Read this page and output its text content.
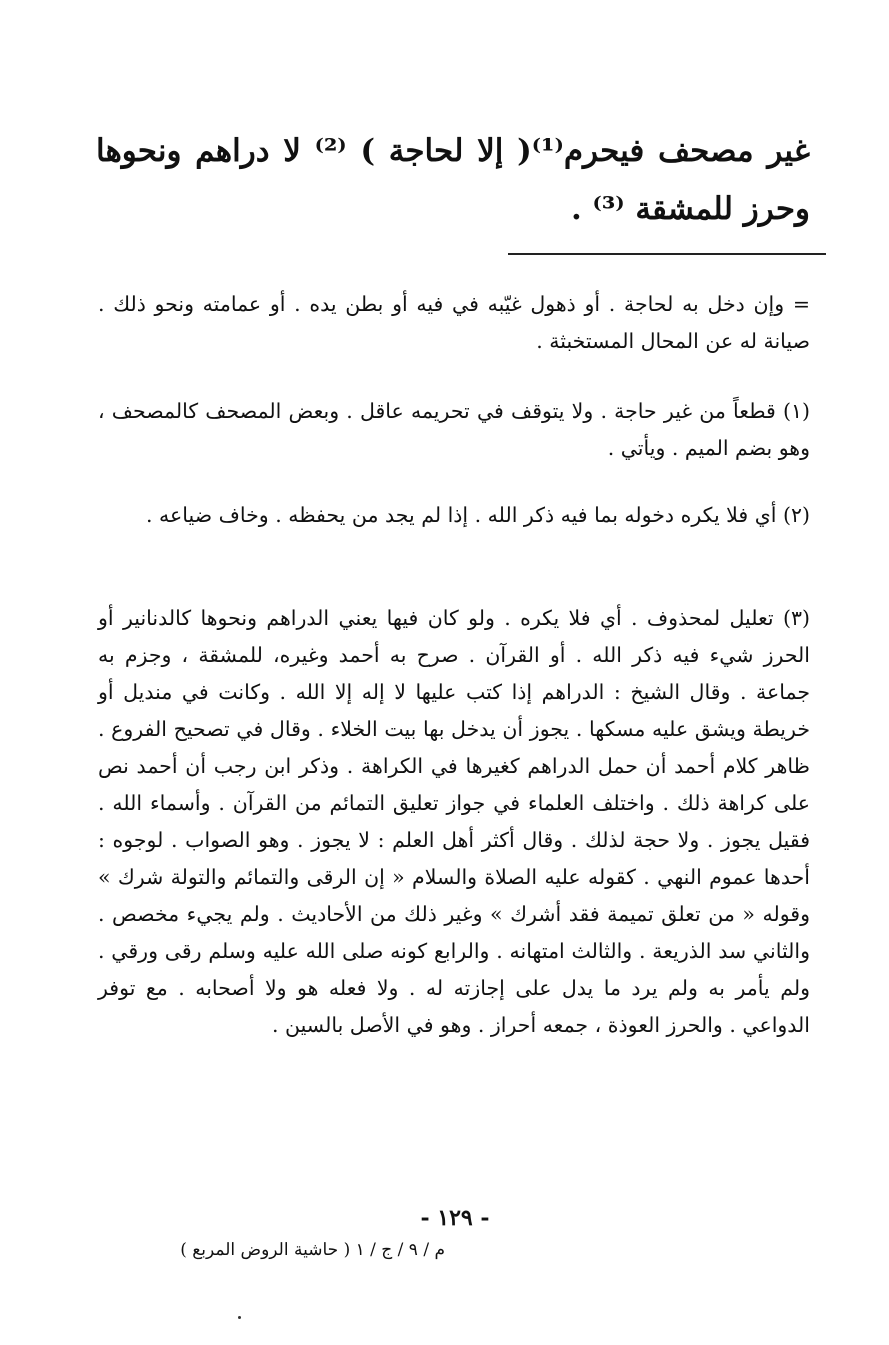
غير مصحف فيحرم⁽¹⁾( إلا لحاجة ) ⁽²⁾ لا دراهم ونحوها وحرز للمشقة ⁽³⁾ .
= وإن دخل به لحاجة . أو ذهول غيّبه في فيه أو بطن يده . أو عمامته ونحو ذلك . صيانة له عن المحال المستخبثة .
(١) قطعاً من غير حاجة . ولا يتوقف في تحريمه عاقل . وبعض المصحف كالمصحف ، وهو بضم الميم . ويأتي .
(٢) أي فلا يكره دخوله بما فيه ذكر الله . إذا لم يجد من يحفظه . وخاف ضياعه .
(٣) تعليل لمحذوف . أي فلا يكره . ولو كان فيها يعني الدراهم ونحوها كالدنانير أو الحرز شيء فيه ذكر الله . أو القرآن . صرح به أحمد وغيره، للمشقة ، وجزم به جماعة . وقال الشيخ : الدراهم إذا كتب عليها لا إله إلا الله . وكانت في منديل أو خريطة ويشق عليه مسكها . يجوز أن يدخل بها بيت الخلاء . وقال في تصحيح الفروع . ظاهر كلام أحمد أن حمل الدراهم كغيرها في الكراهة . وذكر ابن رجب أن أحمد نص على كراهة ذلك . واختلف العلماء في جواز تعليق التمائم من القرآن . وأسماء الله . فقيل يجوز . ولا حجة لذلك . وقال أكثر أهل العلم : لا يجوز . وهو الصواب . لوجوه : أحدها عموم النهي . كقوله عليه الصلاة والسلام « إن الرقى والتمائم والتولة شرك » وقوله « من تعلق تميمة فقد أشرك » وغير ذلك من الأحاديث . ولم يجيء مخصص . والثاني سد الذريعة . والثالث امتهانه . والرابع كونه صلى الله عليه وسلم رقى ورقي . ولم يأمر به ولم يرد ما يدل على إجازته له . ولا فعله هو ولا أصحابه . مع توفر الدواعي . والحرز العوذة ، جمعه أحراز . وهو في الأصل بالسين .
- ١٢٩ -
م / ٩ / ج / ١ ( حاشية الروض المربع )
